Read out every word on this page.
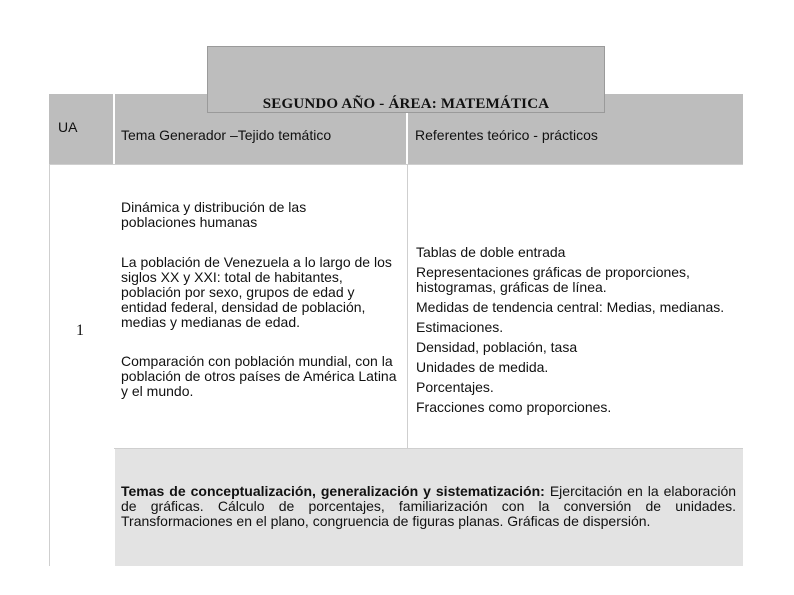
SEGUNDO AÑO - ÁREA: MATEMÁTICA
UA	Tema Generador –Tejido temático	Referentes teórico - prácticos
1
Dinámica y distribución de las poblaciones humanas
La población de Venezuela a lo largo de los siglos XX y XXI: total de habitantes, población por sexo, grupos de edad y entidad federal, densidad de población, medias y medianas de edad.
Comparación con población mundial, con la población de otros países de América Latina y el mundo.
Tablas de doble entrada
Representaciones gráficas de proporciones, histogramas, gráficas de línea.
Medidas de tendencia central: Medias, medianas.
Estimaciones.
Densidad, población, tasa
Unidades de medida.
Porcentajes.
Fracciones como proporciones.
Temas de conceptualización, generalización y sistematización: Ejercitación en la elaboración de gráficas. Cálculo de porcentajes, familiarización con la conversión de unidades. Transformaciones en el plano, congruencia de figuras planas. Gráficas de dispersión.
